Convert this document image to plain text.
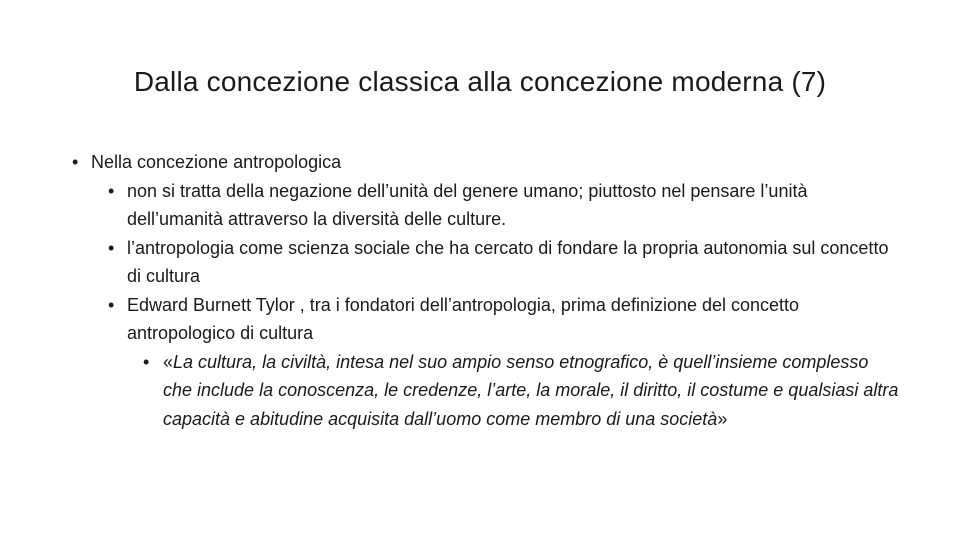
Dalla concezione classica alla concezione moderna (7)
• Nella concezione antropologica
• non si tratta della negazione dell’unità del genere umano; piuttosto nel pensare l’unità dell’umanità attraverso la diversità delle culture.
• l’antropologia come scienza sociale che ha cercato di fondare la propria autonomia sul concetto di cultura
• Edward Burnett Tylor , tra i fondatori dell’antropologia, prima definizione del concetto antropologico di cultura
• «La cultura, la civiltà, intesa nel suo ampio senso etnografico, è quell’insieme complesso che include la conoscenza, le credenze, l’arte, la morale, il diritto, il costume e qualsiasi altra capacità e abitudine acquisita dall’uomo come membro di una società»
